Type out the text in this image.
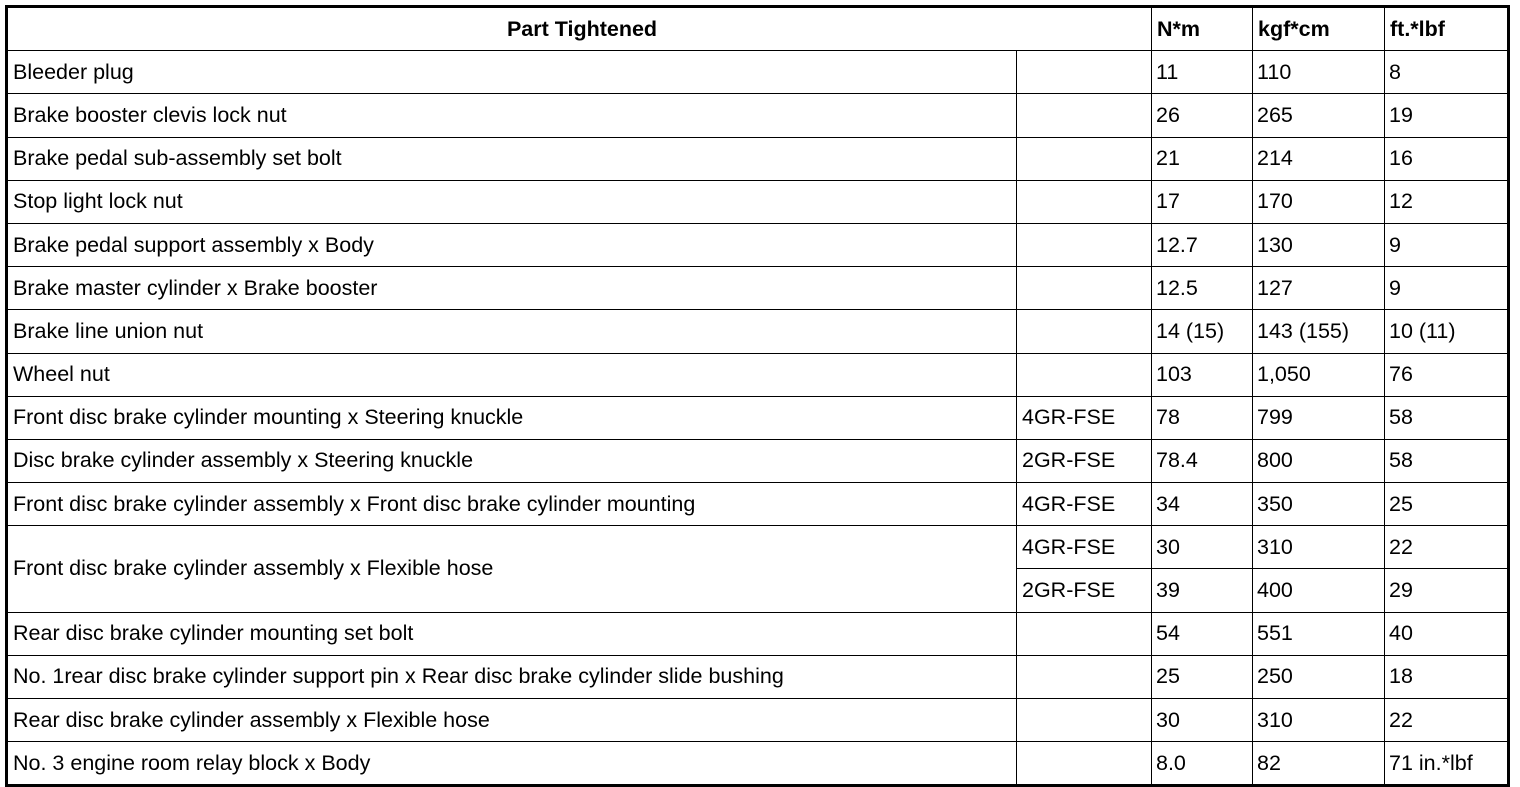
Part Tightened		N*m	kgf*cm	ft.*lbf
Bleeder plug		11	110	8
Brake booster clevis lock nut		26	265	19
Brake pedal sub-assembly set bolt		21	214	16
Stop light lock nut		17	170	12
Brake pedal support assembly x Body		12.7	130	9
Brake master cylinder x Brake booster		12.5	127	9
Brake line union nut		14 (15)	143 (155)	10 (11)
Wheel nut		103	1,050	76
Front disc brake cylinder mounting x Steering knuckle	4GR-FSE	78	799	58
Disc brake cylinder assembly x Steering knuckle	2GR-FSE	78.4	800	58
Front disc brake cylinder assembly x Front disc brake cylinder mounting	4GR-FSE	34	350	25
Front disc brake cylinder assembly x Flexible hose	4GR-FSE	30	310	22
	2GR-FSE	39	400	29
Rear disc brake cylinder mounting set bolt		54	551	40
No. 1rear disc brake cylinder support pin x Rear disc brake cylinder slide bushing		25	250	18
Rear disc brake cylinder assembly x Flexible hose		30	310	22
No. 3 engine room relay block x Body		8.0	82	71 in.*lbf
